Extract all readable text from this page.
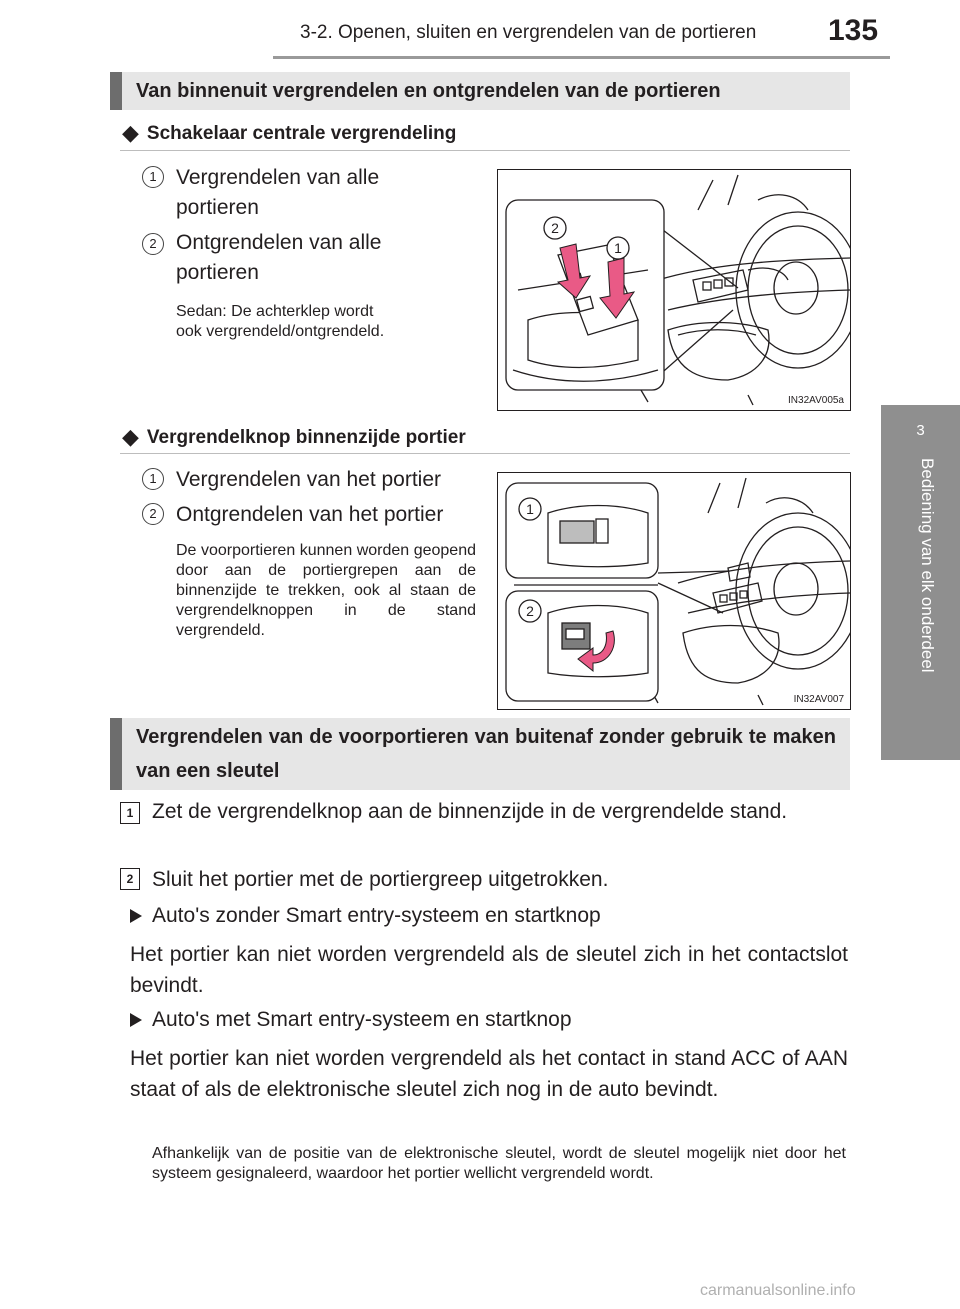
3-2. Openen, sluiten en vergrendelen van de portieren 135
3
Bediening van elk onderdeel
Van binnenuit vergrendelen en ontgrendelen van de portieren
◆ Schakelaar centrale vergrendeling
1 Vergrendelen van alle
portieren
2 Ontgrendelen van alle
portieren
Sedan: De achterklep wordt
ook vergrendeld/ontgrendeld.
2
1
IN32AV005a
◆ Vergrendelknop binnenzijde portier
1 Vergrendelen van het portier
2 Ontgrendelen van het portier
De voorportieren kunnen worden geopend door aan de portiergrepen aan de binnenzijde te trekken, ook al staan de vergrendelknoppen in de stand vergrendeld.
1
2
IN32AV007
Vergrendelen van de voorportieren van buitenaf zonder gebruik te maken van een sleutel
1 Zet de vergrendelknop aan de binnenzijde in de vergrendelde stand.
2 Sluit het portier met de portiergreep uitgetrokken.
Auto's zonder Smart entry-systeem en startknop
Het portier kan niet worden vergrendeld als de sleutel zich in het contactslot bevindt.
Auto's met Smart entry-systeem en startknop
Het portier kan niet worden vergrendeld als het contact in stand ACC of AAN staat of als de elektronische sleutel zich nog in de auto bevindt.
Afhankelijk van de positie van de elektronische sleutel, wordt de sleutel mogelijk niet door het systeem gesignaleerd, waardoor het portier wellicht vergrendeld wordt.
carmanualsonline.info
